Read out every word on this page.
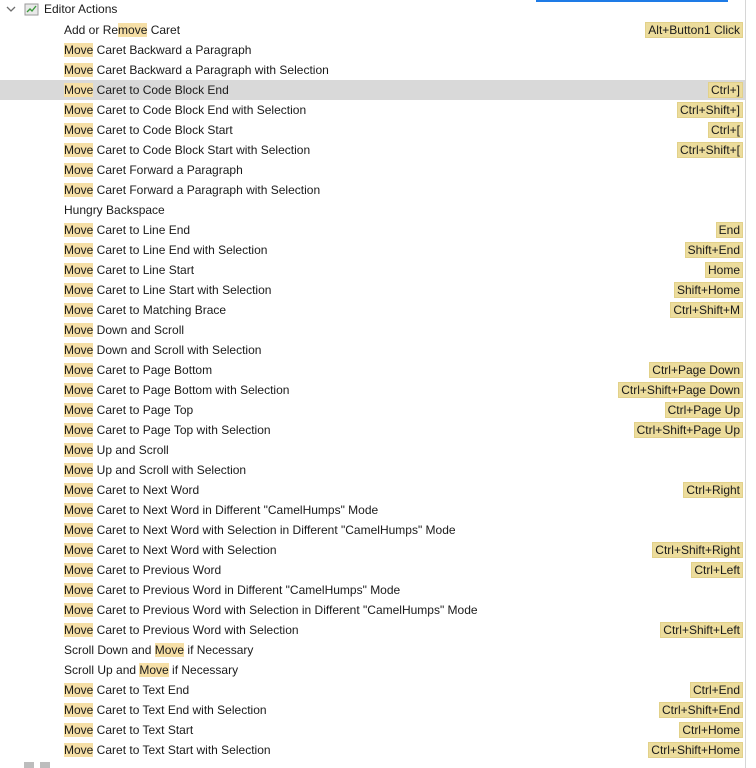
Editor Actions
Add or Remove Caret	Alt+Button1 Click
Move Caret Backward a Paragraph
Move Caret Backward a Paragraph with Selection
Move Caret to Code Block End	Ctrl+]
Move Caret to Code Block End with Selection	Ctrl+Shift+]
Move Caret to Code Block Start	Ctrl+[
Move Caret to Code Block Start with Selection	Ctrl+Shift+[
Move Caret Forward a Paragraph
Move Caret Forward a Paragraph with Selection
Hungry Backspace
Move Caret to Line End	End
Move Caret to Line End with Selection	Shift+End
Move Caret to Line Start	Home
Move Caret to Line Start with Selection	Shift+Home
Move Caret to Matching Brace	Ctrl+Shift+M
Move Down and Scroll
Move Down and Scroll with Selection
Move Caret to Page Bottom	Ctrl+Page Down
Move Caret to Page Bottom with Selection	Ctrl+Shift+Page Down
Move Caret to Page Top	Ctrl+Page Up
Move Caret to Page Top with Selection	Ctrl+Shift+Page Up
Move Up and Scroll
Move Up and Scroll with Selection
Move Caret to Next Word	Ctrl+Right
Move Caret to Next Word in Different "CamelHumps" Mode
Move Caret to Next Word with Selection in Different "CamelHumps" Mode
Move Caret to Next Word with Selection	Ctrl+Shift+Right
Move Caret to Previous Word	Ctrl+Left
Move Caret to Previous Word in Different "CamelHumps" Mode
Move Caret to Previous Word with Selection in Different "CamelHumps" Mode
Move Caret to Previous Word with Selection	Ctrl+Shift+Left
Scroll Down and Move if Necessary
Scroll Up and Move if Necessary
Move Caret to Text End	Ctrl+End
Move Caret to Text End with Selection	Ctrl+Shift+End
Move Caret to Text Start	Ctrl+Home
Move Caret to Text Start with Selection	Ctrl+Shift+Home
